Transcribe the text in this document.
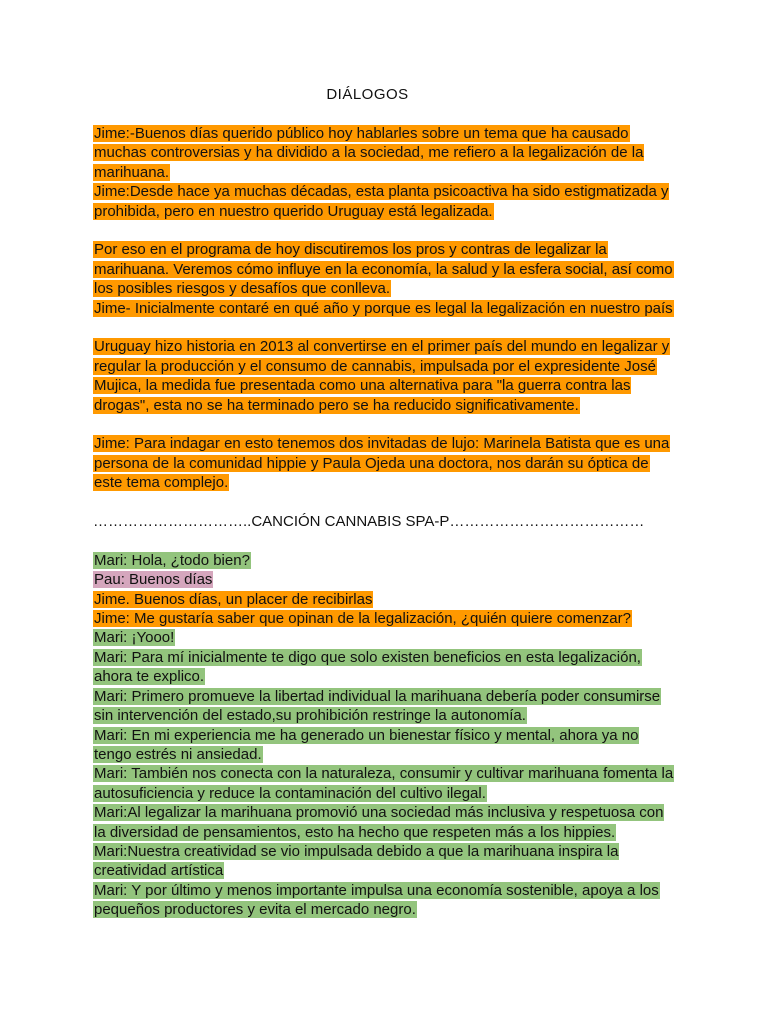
DIÁLOGOS
Jime:-Buenos días querido público hoy hablarles sobre un tema que ha causado muchas controversias y ha dividido a la sociedad, me refiero a la legalización de la marihuana.
Jime:Desde hace ya muchas décadas, esta planta psicoactiva ha sido estigmatizada y prohibida, pero en nuestro querido Uruguay está legalizada.
Por eso en el programa de hoy discutiremos los pros y contras de legalizar la marihuana. Veremos cómo influye en la economía, la salud y la esfera social, así como los posibles riesgos y desafíos que conlleva.
Jime- Inicialmente contaré en qué año y porque es legal la legalización en nuestro país
Uruguay hizo historia en 2013 al convertirse en el primer país del mundo en legalizar y regular la producción y el consumo de cannabis, impulsada por el expresidente José Mujica, la medida fue presentada como una alternativa para "la guerra contra las drogas", esta no se ha terminado pero se ha reducido significativamente.
Jime: Para indagar en esto tenemos dos invitadas de lujo: Marinela Batista que es una persona de la comunidad hippie y Paula Ojeda una doctora, nos darán su óptica de este tema complejo.
…………………………..CANCIÓN CANNABIS SPA-P…………………………………
Mari: Hola, ¿todo bien?
Pau: Buenos días
Jime. Buenos días, un placer de recibirlas
Jime: Me gustaría saber que opinan de la legalización, ¿quién quiere comenzar?
Mari: ¡Yooo!
Mari: Para mí inicialmente te digo que solo existen beneficios en esta legalización, ahora te explico.
Mari: Primero promueve la libertad individual la marihuana debería poder consumirse sin intervención del estado,su prohibición restringe la autonomía.
Mari: En mi experiencia me ha generado un bienestar físico y mental, ahora ya no tengo estrés ni ansiedad.
Mari: También nos conecta con la naturaleza, consumir y cultivar marihuana fomenta la autosuficiencia y reduce la contaminación del cultivo ilegal.
Mari:Al legalizar la marihuana promovió una sociedad más inclusiva y respetuosa con la diversidad de pensamientos, esto ha hecho que respeten más a los hippies.
Mari:Nuestra creatividad se vio impulsada debido a que la marihuana inspira la creatividad artística
Mari: Y por último y menos importante impulsa una economía sostenible, apoya a los pequeños productores y evita el mercado negro.
